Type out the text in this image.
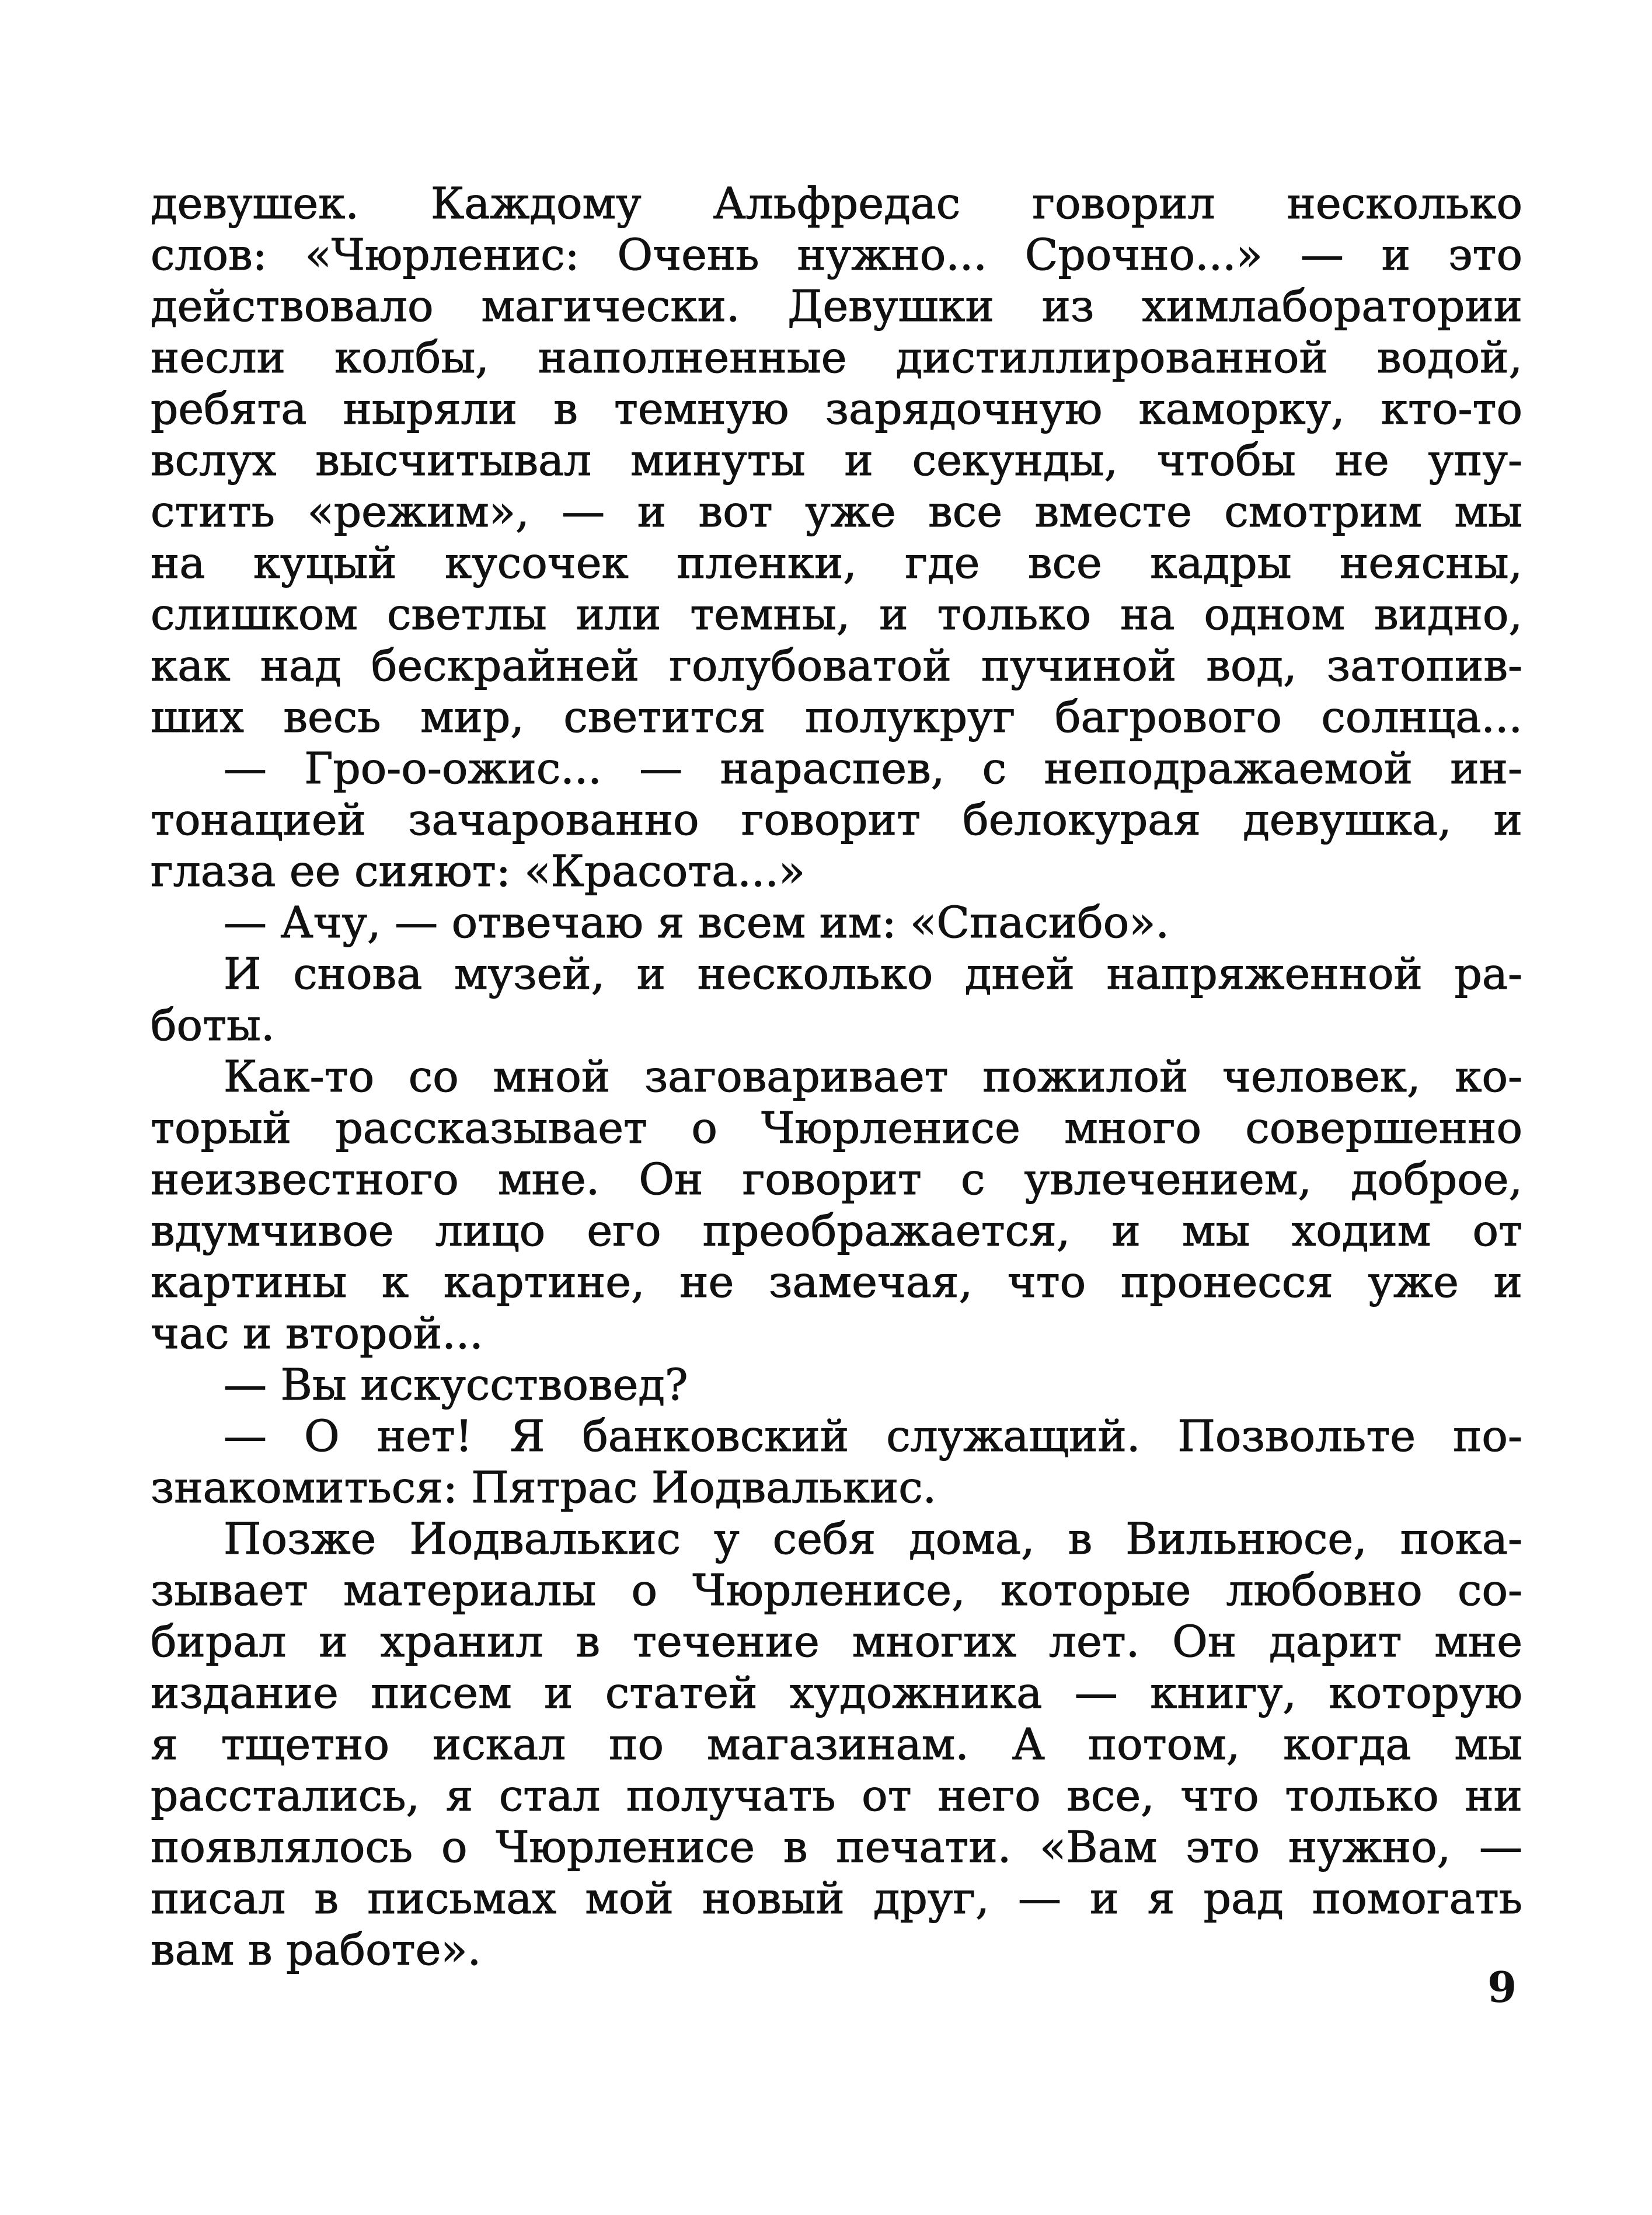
девушек. Каждому Альфредас говорил несколько
слов: «Чюрленис: Очень нужно... Срочно...» — и это
действовало магически. Девушки из химлаборатории
несли колбы, наполненные дистиллированной водой,
ребята ныряли в темную зарядочную каморку, кто-то
вслух высчитывал минуты и секунды, чтобы не упу-
стить «режим», — и вот уже все вместе смотрим мы
на куцый кусочек пленки, где все кадры неясны,
слишком светлы или темны, и только на одном видно,
как над бескрайней голубоватой пучиной вод, затопив-
ших весь мир, светится полукруг багрового солнца...
— Гро-о-ожис... — нараспев, с неподражаемой ин-
тонацией зачарованно говорит белокурая девушка, и
глаза ее сияют: «Красота...»
— Ачу, — отвечаю я всем им: «Спасибо».
И снова музей, и несколько дней напряженной ра-
боты.
Как-то со мной заговаривает пожилой человек, ко-
торый рассказывает о Чюрленисе много совершенно
неизвестного мне. Он говорит с увлечением, доброе,
вдумчивое лицо его преображается, и мы ходим от
картины к картине, не замечая, что пронесся уже и
час и второй...
— Вы искусствовед?
— О нет! Я банковский служащий. Позвольте по-
знакомиться: Пятрас Иодвалькис.
Позже Иодвалькис у себя дома, в Вильнюсе, пока-
зывает материалы о Чюрленисе, которые любовно со-
бирал и хранил в течение многих лет. Он дарит мне
издание писем и статей художника — книгу, которую
я тщетно искал по магазинам. А потом, когда мы
расстались, я стал получать от него все, что только ни
появлялось о Чюрленисе в печати. «Вам это нужно, —
писал в письмах мой новый друг, — и я рад помогать
вам в работе».
9
